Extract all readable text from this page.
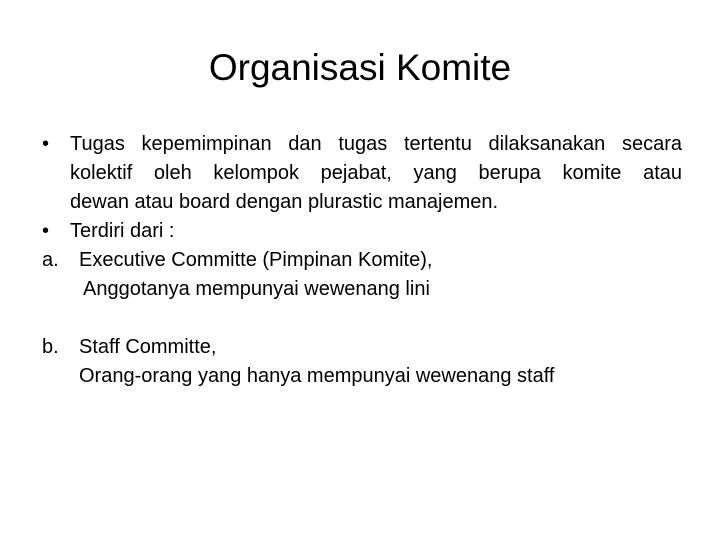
Organisasi Komite
•	Tugas kepemimpinan dan tugas tertentu dilaksanakan secara
kolektif oleh kelompok pejabat, yang berupa komite atau
dewan atau board dengan plurastic manajemen.
•	Terdiri dari :
a. Executive Committe (Pimpinan Komite),
Anggotanya mempunyai wewenang lini
b. Staff Committe,
Orang-orang yang hanya mempunyai wewenang staff
